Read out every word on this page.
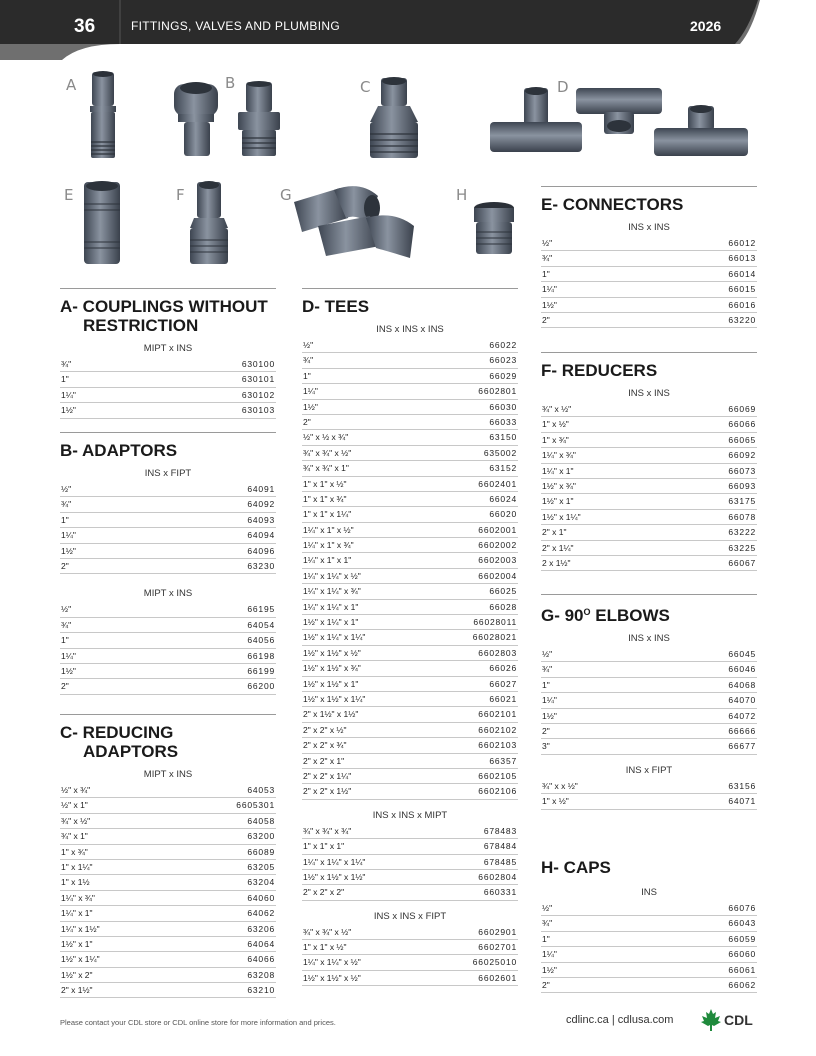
36	FITTINGS, VALVES AND PLUMBING	2026
A	B	C	D
E	F	G	H
A- COUPLINGS WITHOUT
RESTRICTION
MIPT x INS
¾"	630100
1"	630101
1¼"	630102
1½"	630103
B- ADAPTORS
INS x FIPT
½"	64091
¾"	64092
1"	64093
1¼"	64094
1½"	64096
2"	63230
MIPT x INS
½"	66195
¾"	64054
1"	64056
1¼"	66198
1½"	66199
2"	66200
C- REDUCING
ADAPTORS
MIPT x INS
½" x ¾"	64053
½" x 1"	6605301
¾" x ½"	64058
¾" x 1"	63200
1" x ¾"	66089
1" x 1¼"	63205
1" x 1½	63204
1¼" x ¾"	64060
1¼" x 1"	64062
1¼" x 1½"	63206
1½" x 1"	64064
1½" x 1¼"	64066
1½" x 2"	63208
2" x 1½"	63210
D- TEES
INS x INS x INS
½"	66022
¾"	66023
1"	66029
1¼"	6602801
1½"	66030
2"	66033
½" x ½ x ¾"	63150
¾" x ¾" x ½"	635002
¾" x ¾" x 1"	63152
1" x 1" x ½"	6602401
1" x 1" x ¾"	66024
1" x 1" x 1¼"	66020
1¼" x 1" x ½"	6602001
1¼" x 1" x ¾"	6602002
1¼" x 1" x 1"	6602003
1¼" x 1¼" x ½"	6602004
1¼" x 1¼" x ¾"	66025
1¼" x 1¼" x 1"	66028
1½" x 1¼" x 1"	66028011
1½" x 1¼" x 1¼"	66028021
1½" x 1½" x ½"	6602803
1½" x 1½" x ¾"	66026
1½" x 1½" x 1"	66027
1½" x 1½" x 1¼"	66021
2" x 1½" x 1½"	6602101
2" x 2" x ½"	6602102
2" x 2" x ¾"	6602103
2" x 2" x 1"	66357
2" x 2" x 1¼"	6602105
2" x 2" x 1½"	6602106
INS x INS x MIPT
¾" x ¾" x ¾"	678483
1" x 1" x 1"	678484
1¼" x 1¼" x 1¼"	678485
1½" x 1½" x 1½"	6602804
2" x 2" x 2"	660331
INS x INS x FIPT
¾" x ¾" x ½"	6602901
1" x 1" x ½"	6602701
1¼" x 1¼" x ½"	66025010
1½" x 1½" x ½"	6602601
E- CONNECTORS
INS x INS
½"	66012
¾"	66013
1"	66014
1¼"	66015
1½"	66016
2"	63220
F- REDUCERS
INS x INS
¾" x ½"	66069
1" x ½"	66066
1" x ¾"	66065
1¼" x ¾"	66092
1¼" x 1"	66073
1½" x ¾"	66093
1½" x 1"	63175
1½" x 1¼"	66078
2" x 1"	63222
2" x 1¼"	63225
2 x 1½"	66067
G- $90^O$ ELBOWS
INS x INS
½"	66045
¾"	66046
1"	64068
1¼"	64070
1½"	64072
2"	66666
3"	66677
INS x FIPT
¾" x x ½"	63156
1" x ½"	64071
H- CAPS
INS
½"	66076
¾"	66043
1"	66059
1¼"	66060
1½"	66061
2"	66062
Please contact your CDL store or CDL online store for more information and prices.	cdlinc.ca | cdlusa.com	CDL
